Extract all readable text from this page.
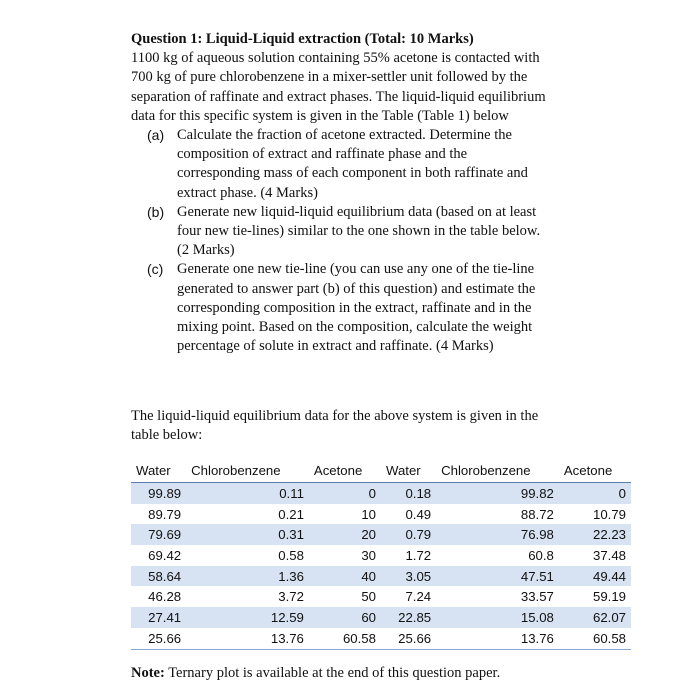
Question 1: Liquid-Liquid extraction (Total: 10 Marks)

1100 kg of aqueous solution containing 55% acetone is contacted with 700 kg of pure chlorobenzene in a mixer-settler unit followed by the separation of raffinate and extract phases. The liquid-liquid equilibrium data for this specific system is given in the Table (Table 1) below

(a) Calculate the fraction of acetone extracted. Determine the composition of extract and raffinate phase and the corresponding mass of each component in both raffinate and extract phase. (4 Marks)
(b) Generate new liquid-liquid equilibrium data (based on at least four new tie-lines) similar to the one shown in the table below. (2 Marks)
(c) Generate one new tie-line (you can use any one of the tie-line generated to answer part (b) of this question) and estimate the corresponding composition in the extract, raffinate and in the mixing point. Based on the composition, calculate the weight percentage of solute in extract and raffinate. (4 Marks)
The liquid-liquid equilibrium data for the above system is given in the table below:
Water	Chlorobenzene	Acetone	Water	Chlorobenzene	Acetone
99.89	0.11	0	0.18	99.82	0
89.79	0.21	10	0.49	88.72	10.79
79.69	0.31	20	0.79	76.98	22.23
69.42	0.58	30	1.72	60.8	37.48
58.64	1.36	40	3.05	47.51	49.44
46.28	3.72	50	7.24	33.57	59.19
27.41	12.59	60	22.85	15.08	62.07
25.66	13.76	60.58	25.66	13.76	60.58
Note: Ternary plot is available at the end of this question paper.
